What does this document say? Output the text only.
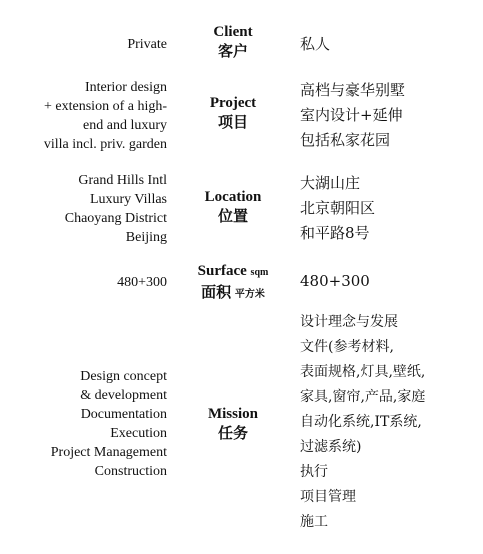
Private
Client
客户	私人
Interior design
+ extension of a high-
end and luxury
villa incl. priv. garden
Project
项目
高档与豪华别墅
室内设计+延伸
包括私家花园
Grand Hills Intl
Luxury Villas
Chaoyang District
Beijing
Location
位置
大湖山庄
北京朝阳区
和平路8号
480+300
Surface sqm
面积 平方米
480+300
Design concept
& development
Documentation
Execution
Project Management
Construction
Mission
任务
设计理念与发展
文件(参考材料,
表面规格,灯具,壁纸,
家具,窗帘,产品,家庭
自动化系统,IT系统,
过滤系统)
执行
项目管理
施工
